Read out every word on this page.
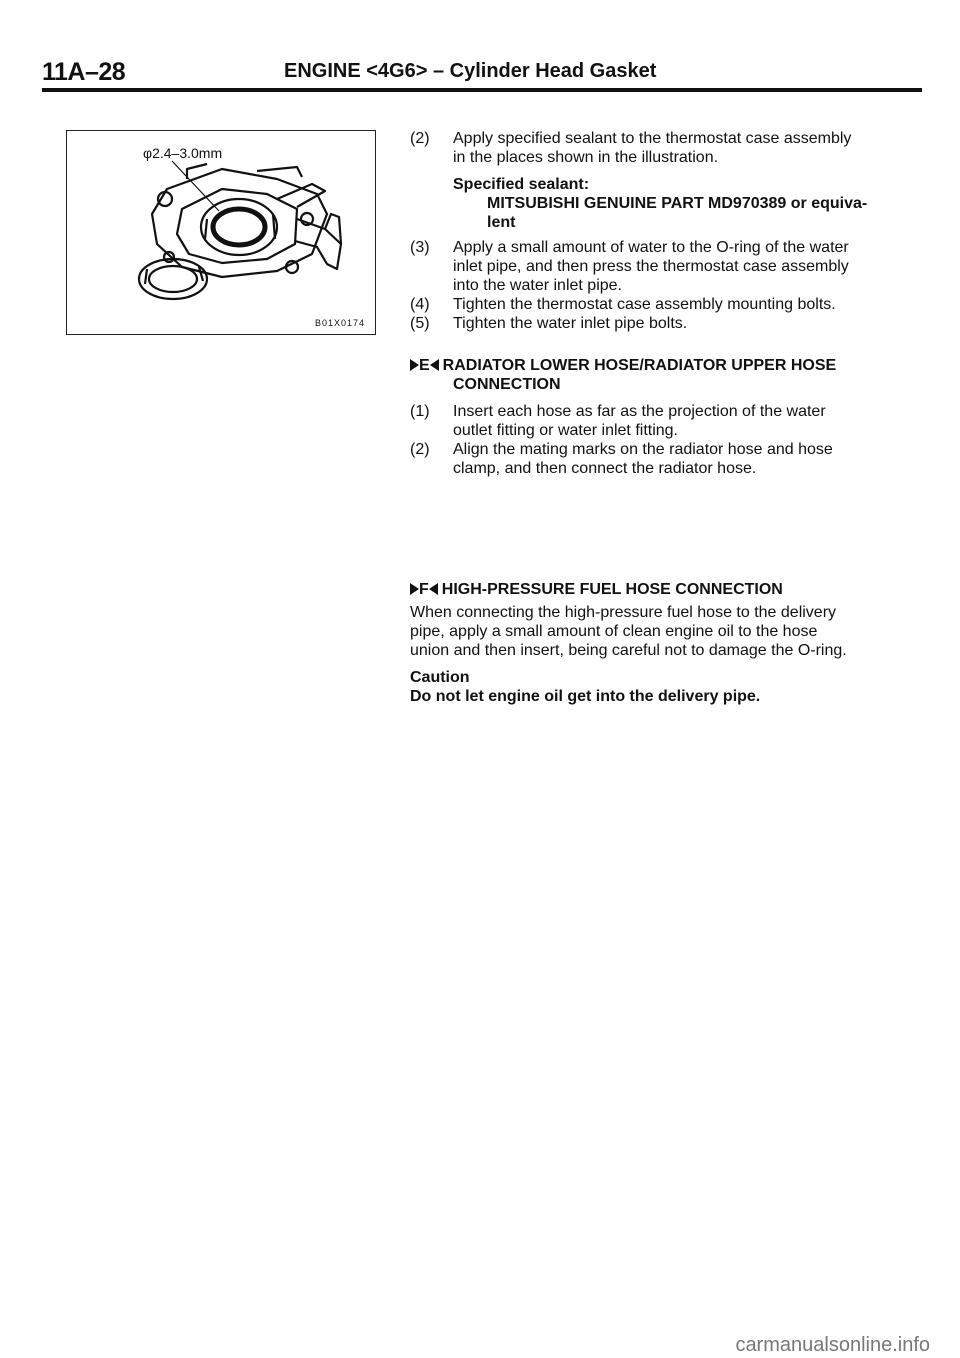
11A–28	ENGINE <4G6> – Cylinder Head Gasket
φ2.4–3.0mm
B01X0174
(2) Apply specified sealant to the thermostat case assembly
in the places shown in the illustration.
Specified sealant:
MITSUBISHI GENUINE PART MD970389 or equiva-
lent
(3) Apply a small amount of water to the O-ring of the water
inlet pipe, and then press the thermostat case assembly
into the water inlet pipe.
(4) Tighten the thermostat case assembly mounting bolts.
(5) Tighten the water inlet pipe bolts.
E RADIATOR LOWER HOSE/RADIATOR UPPER HOSE
CONNECTION
(1) Insert each hose as far as the projection of the water
outlet fitting or water inlet fitting.
(2) Align the mating marks on the radiator hose and hose
clamp, and then connect the radiator hose.
F HIGH-PRESSURE FUEL HOSE CONNECTION
When connecting the high-pressure fuel hose to the delivery
pipe, apply a small amount of clean engine oil to the hose
union and then insert, being careful not to damage the O-ring.
Caution
Do not let engine oil get into the delivery pipe.
carmanualsonline.info
